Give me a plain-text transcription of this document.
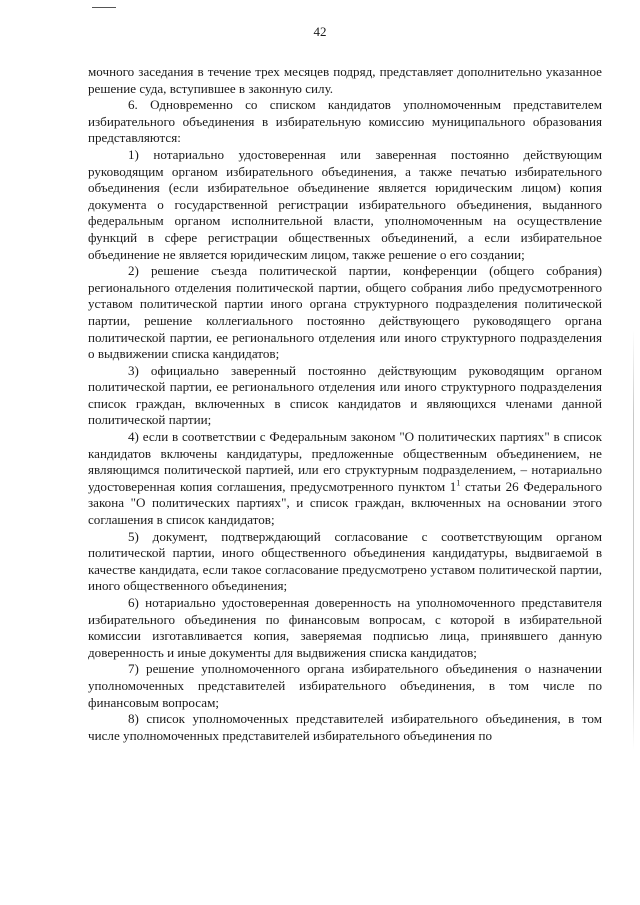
42

мочного заседания в течение трех месяцев подряд, представляет дополнительно указанное решение суда, вступившее в законную силу.

6. Одновременно со списком кандидатов уполномоченным представителем избирательного объединения в избирательную комиссию муниципального образования представляются:

1) нотариально удостоверенная или заверенная постоянно действующим руководящим органом избирательного объединения, а также печатью избирательного объединения (если избирательное объединение является юридическим лицом) копия документа о государственной регистрации избирательного объединения, выданного федеральным органом исполнительной власти, уполномоченным на осуществление функций в сфере регистрации общественных объединений, а если избирательное объединение не является юридическим лицом, также решение о его создании;

2) решение съезда политической партии, конференции (общего собрания) регионального отделения политической партии, общего собрания либо предусмотренного уставом политической партии иного органа структурного подразделения политической партии, решение коллегиального постоянно действующего руководящего органа политической партии, ее регионального отделения или иного структурного подразделения о выдвижении списка кандидатов;

3) официально заверенный постоянно действующим руководящим органом политической партии, ее регионального отделения или иного структурного подразделения список граждан, включенных в список кандидатов и являющихся членами данной политической партии;

4) если в соответствии с Федеральным законом "О политических партиях" в список кандидатов включены кандидатуры, предложенные общественным объединением, не являющимся политической партией, или его структурным подразделением, – нотариально удостоверенная копия соглашения, предусмотренного пунктом $1^1$ статьи 26 Федерального закона "О политических партиях", и список граждан, включенных на основании этого соглашения в список кандидатов;

5) документ, подтверждающий согласование с соответствующим органом политической партии, иного общественного объединения кандидатуры, выдвигаемой в качестве кандидата, если такое согласование предусмотрено уставом политической партии, иного общественного объединения;

6) нотариально удостоверенная доверенность на уполномоченного представителя избирательного объединения по финансовым вопросам, с которой в избирательной комиссии изготавливается копия, заверяемая подписью лица, принявшего данную доверенность и иные документы для выдвижения списка кандидатов;

7) решение уполномоченного органа избирательного объединения о назначении уполномоченных представителей избирательного объединения, в том числе по финансовым вопросам;

8) список уполномоченных представителей избирательного объединения, в том числе уполномоченных представителей избирательного объединения по
